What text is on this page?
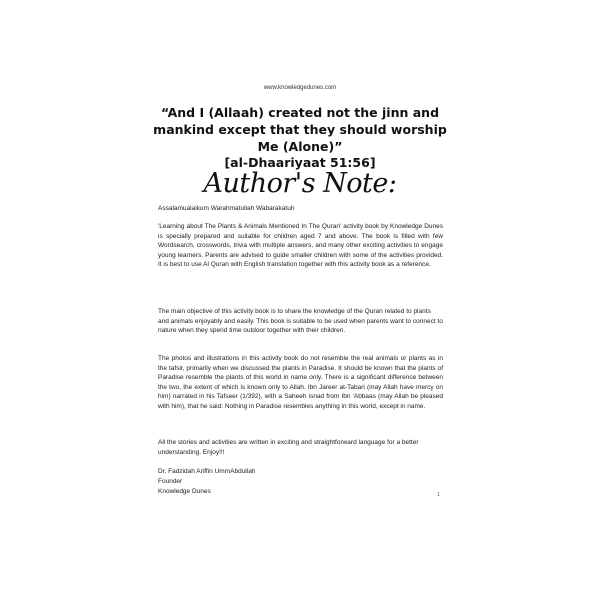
www.knowledgedunes.com
“And I (Allaah) created not the jinn and mankind except that they should worship Me (Alone)”
[al-Dhaariyaat 51:56]
Author's Note:
Assalamualaikum Warahmatullah Wabarakatuh
'Learning about The Plants & Animals Mentioned In The Quran' activity book by Knowledge Dunes is specially prepared and suitable for children aged 7 and above. The book is filled with few Wordsearch, crosswords, trivia with multiple answers, and many other exciting activities to engage young learners. Parents are advised to guide smaller children with some of the activities provided. It is best to use Al Quran with English translation together with this activity book as a reference.
The main objective of this activity book is to share the knowledge of the Quran related to plants and animals enjoyably and easily. This book is suitable to be used when parents want to connect to nature when they spend time outdoor together with their children.
The photos and illustrations in this activity book do not resemble the real animals or plants as in the tafsir, primarily when we discussed the plants in Paradise. It should be known that the plants of Paradise resemble the plants of this world in name only. There is a significant difference between the two, the extent of which is known only to Allah. Ibn Jareer at-Tabari (may Allah have mercy on him) narrated in his Tafseer (1/392), with a Saheeh isnad from Ibn 'Abbaas (may Allah be pleased with him), that he said: Nothing in Paradise resembles anything in this world, except in name.
All the stories and activities are written in exciting and straightforward language for a better understanding. Enjoy!!!
Dr. Fadzidah Ariffin UmmAbdullah
Founder
Knowledge Dunes
1
